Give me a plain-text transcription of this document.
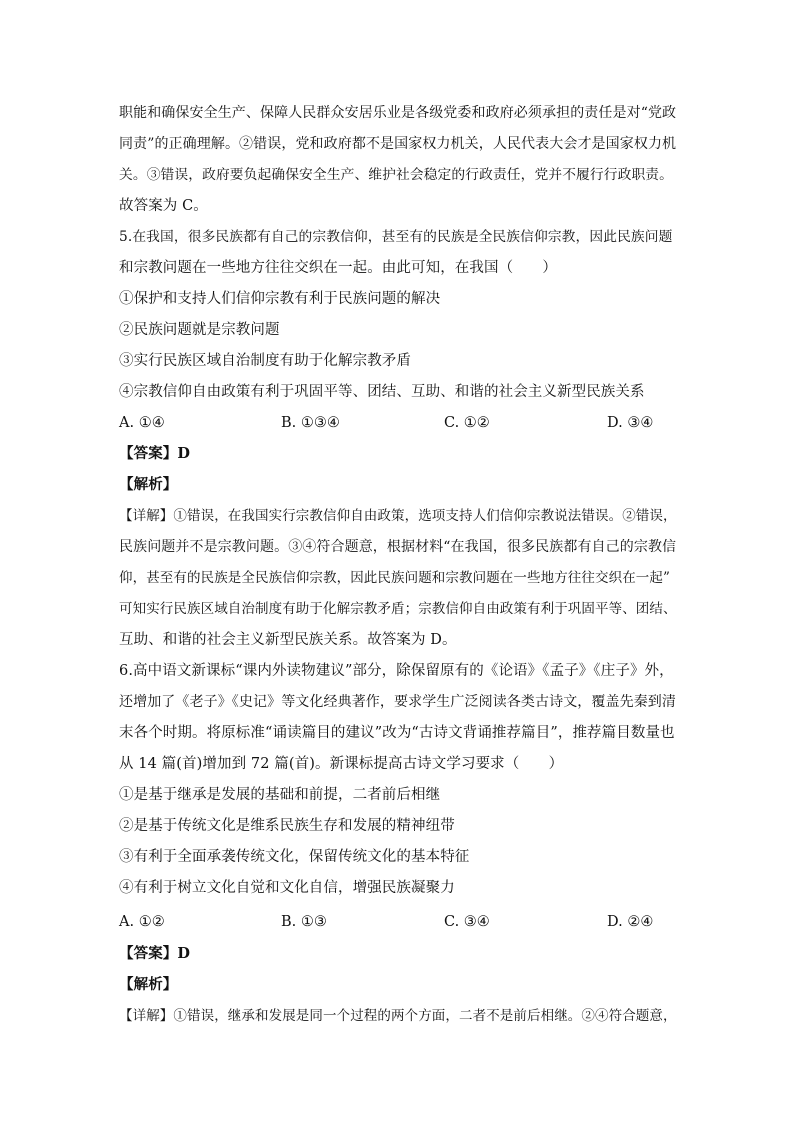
职能和确保安全生产、保障人民群众安居乐业是各级党委和政府必须承担的责任是对“党政
同责”的正确理解。②错误，党和政府都不是国家权力机关，人民代表大会才是国家权力机
关。③错误，政府要负起确保安全生产、维护社会稳定的行政责任，党并不履行行政职责。
故答案为 C。
5.在我国，很多民族都有自己的宗教信仰，甚至有的民族是全民族信仰宗教，因此民族问题
和宗教问题在一些地方往往交织在一起。由此可知，在我国（　　）
①保护和支持人们信仰宗教有利于民族问题的解决
②民族问题就是宗教问题
③实行民族区域自治制度有助于化解宗教矛盾
④宗教信仰自由政策有利于巩固平等、团结、互助、和谐的社会主义新型民族关系
A. ①④	B. ①③④	C. ①②	D. ③④
【答案】D
【解析】
【详解】①错误，在我国实行宗教信仰自由政策，选项支持人们信仰宗教说法错误。②错误，
民族问题并不是宗教问题。③④符合题意，根据材料“在我国，很多民族都有自己的宗教信
仰，甚至有的民族是全民族信仰宗教，因此民族问题和宗教问题在一些地方往往交织在一起”
可知实行民族区域自治制度有助于化解宗教矛盾；宗教信仰自由政策有利于巩固平等、团结、
互助、和谐的社会主义新型民族关系。故答案为 D。
6.高中语文新课标“课内外读物建议”部分，除保留原有的《论语》《孟子》《庄子》外，
还增加了《老子》《史记》等文化经典著作，要求学生广泛阅读各类古诗文，覆盖先秦到清
末各个时期。将原标准“诵读篇目的建议”改为“古诗文背诵推荐篇目”，推荐篇目数量也
从 14 篇(首)增加到 72 篇(首)。新课标提高古诗文学习要求（　　）
①是基于继承是发展的基础和前提，二者前后相继
②是基于传统文化是维系民族生存和发展的精神纽带
③有利于全面承袭传统文化，保留传统文化的基本特征
④有利于树立文化自觉和文化自信，增强民族凝聚力
A. ①②	B. ①③	C. ③④	D. ②④
【答案】D
【解析】
【详解】①错误，继承和发展是同一个过程的两个方面，二者不是前后相继。②④符合题意，
